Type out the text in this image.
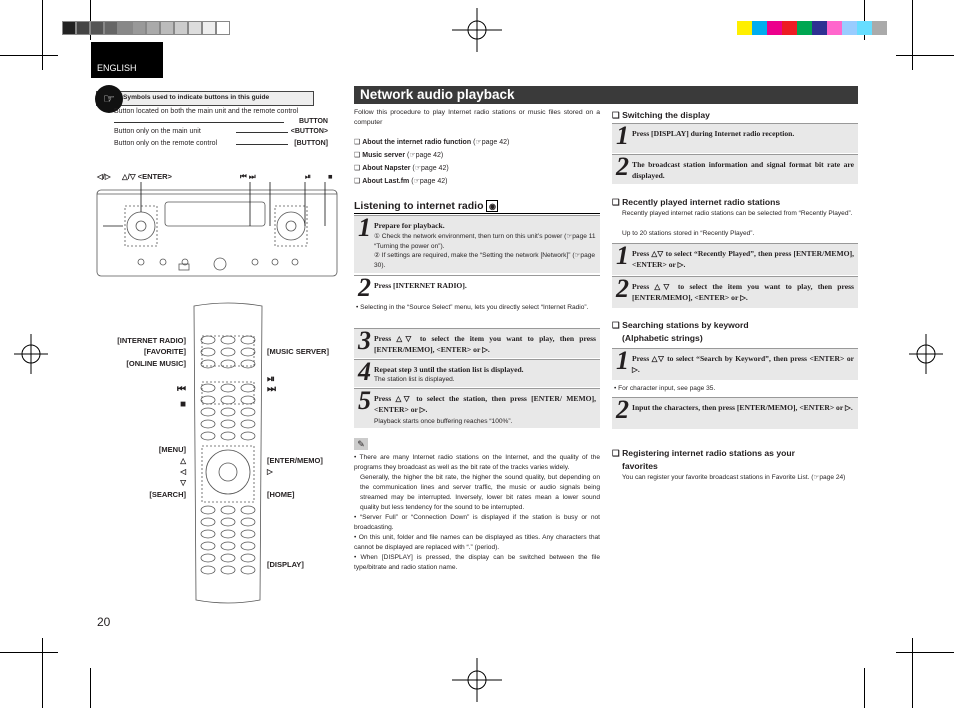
ENGLISH
Symbols used to indicate buttons in this guide
☞
Button located on both the main unit and the remote control
BUTTON
Button only on the main unit	<BUTTON>
Button only on the remote control	[BUTTON]
◁/▷ △/▽ <ENTER>	⏮ ⏭	⏯ ■
[INTERNET RADIO]
[FAVORITE]
[ONLINE MUSIC]
[MUSIC SERVER]
⏮
■
⏯
⏭
[MENU]
△
◁
▽
[ENTER/MEMO]
▷
[SEARCH]	[HOME]
[DISPLAY]
Network audio playback
Follow this procedure to play Internet radio stations or music files stored on a computer
❑ About the internet radio function (☞page 42)
❑ Music server (☞page 42)
❑ About Napster (☞page 42)
❑ About Last.fm (☞page 42)
Listening to internet radio ◉
1 Prepare for playback.
① Check the network environment, then turn on this unit’s power (☞page 11 “Turning the power on”).
② If settings are required, make the “Setting the network [Network]” (☞page 30).
2 Press [INTERNET RADIO].
• Selecting in the “Source Select” menu, lets you directly select “Internet Radio”.
3 Press △▽ to select the item you want to play, then press [ENTER/MEMO], <ENTER> or ▷.
4 Repeat step 3 until the station list is displayed.
The station list is displayed.
5 Press △▽ to select the station, then press [ENTER/ MEMO], <ENTER> or ▷.
Playback starts once buffering reaches “100%”.
✎
• There are many Internet radio stations on the Internet, and the quality of the programs they broadcast as well as the bit rate of the tracks varies widely.
Generally, the higher the bit rate, the higher the sound quality, but depending on the communication lines and server traffic, the music or audio signals being streamed may be interrupted. Inversely, lower bit rates mean a lower sound quality but less tendency for the sound to be interrupted.
• “Server Full” or “Connection Down” is displayed if the station is busy or not broadcasting.
• On this unit, folder and file names can be displayed as titles. Any characters that cannot be displayed are replaced with “.” (period).
• When [DISPLAY] is pressed, the display can be switched between the file type/bitrate and radio station name.
❑ Switching the display
1 Press [DISPLAY] during Internet radio reception.
2 The broadcast station information and signal format bit rate are displayed.
❑ Recently played internet radio stations
Recently played internet radio stations can be selected from “Recently Played”.
Up to 20 stations stored in “Recently Played”.
1 Press △▽ to select “Recently Played”, then press [ENTER/MEMO], <ENTER> or ▷.
2 Press △▽ to select the item you want to play, then press [ENTER/MEMO], <ENTER> or ▷.
❑ Searching stations by keyword
(Alphabetic strings)
1 Press △▽ to select “Search by Keyword”, then press <ENTER> or ▷.
• For character input, see page 35.
2 Input the characters, then press [ENTER/MEMO], <ENTER> or ▷.
❑ Registering internet radio stations as your
favorites
You can register your favorite broadcast stations in Favorite List. (☞page 24)
20
